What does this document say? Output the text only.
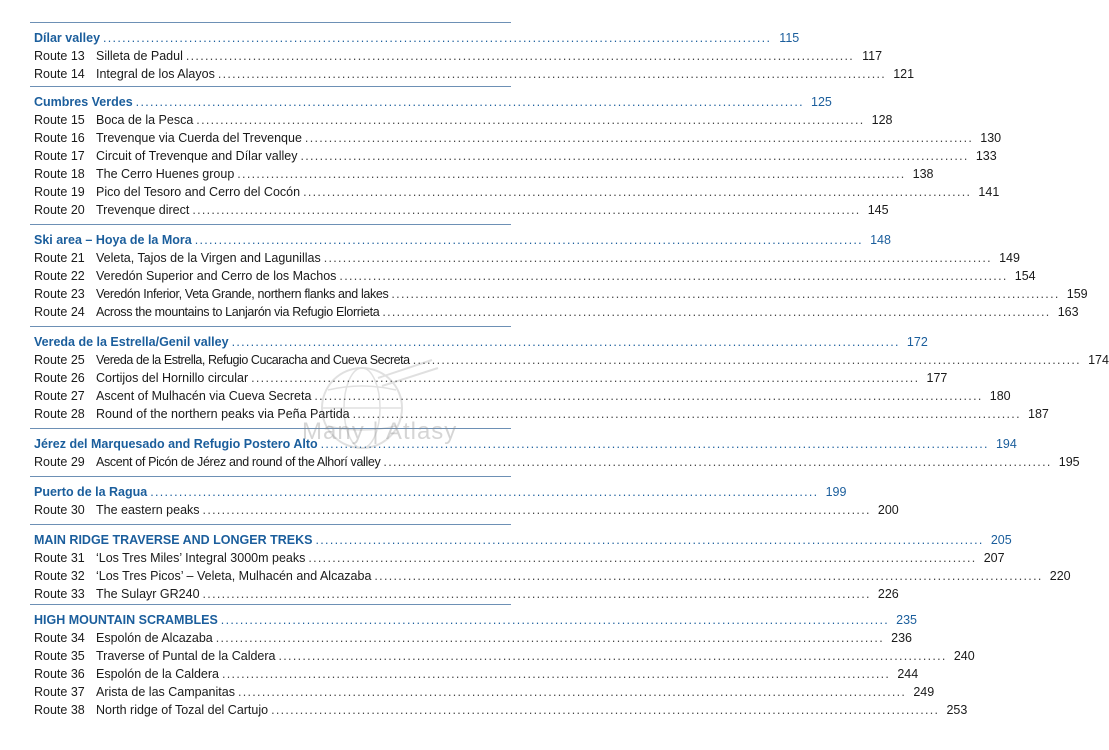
Dílar valley ............................................................................................................................................ 115
Route 13 Silleta de Padul ............................................................................................................................................ 117
Route 14 Integral de los Alayos ............................................................................................................................................ 121
Cumbres Verdes ............................................................................................................................................ 125
Route 15 Boca de la Pesca ............................................................................................................................................ 128
Route 16 Trevenque via Cuerda del Trevenque ............................................................................................................................................ 130
Route 17 Circuit of Trevenque and Dílar valley ............................................................................................................................................ 133
Route 18 The Cerro Huenes group ............................................................................................................................................ 138
Route 19 Pico del Tesoro and Cerro del Cocón ............................................................................................................................................ 141
Route 20 Trevenque direct ............................................................................................................................................ 145
Ski area – Hoya de la Mora ............................................................................................................................................ 148
Route 21 Veleta, Tajos de la Virgen and Lagunillas ............................................................................................................................................ 149
Route 22 Veredón Superior and Cerro de los Machos ............................................................................................................................................ 154
Route 23 Veredón Inferior, Veta Grande, northern flanks and lakes ............................................................................................................................................ 159
Route 24 Across the mountains to Lanjarón via Refugio Elorrieta ............................................................................................................................................ 163
Vereda de la Estrella/Genil valley ............................................................................................................................................ 172
Route 25 Vereda de la Estrella, Refugio Cucaracha and Cueva Secreta ............................................................................................................................................ 174
Route 26 Cortijos del Hornillo circular ............................................................................................................................................ 177
Route 27 Ascent of Mulhacén via Cueva Secreta ............................................................................................................................................ 180
Route 28 Round of the northern peaks via Peña Partida ............................................................................................................................................ 187
Jérez del Marquesado and Refugio Postero Alto ............................................................................................................................................ 194
Route 29 Ascent of Picón de Jérez and round of the Alhorí valley ............................................................................................................................................ 195
Puerto de la Ragua ............................................................................................................................................ 199
Route 30 The eastern peaks ............................................................................................................................................ 200
MAIN RIDGE TRAVERSE AND LONGER TREKS ............................................................................................................................................ 205
Route 31 ‘Los Tres Miles’ Integral 3000m peaks ............................................................................................................................................ 207
Route 32 ‘Los Tres Picos’ – Veleta, Mulhacén and Alcazaba ............................................................................................................................................ 220
Route 33 The Sulayr GR240 ............................................................................................................................................ 226
HIGH MOUNTAIN SCRAMBLES ............................................................................................................................................ 235
Route 34 Espolón de Alcazaba ............................................................................................................................................ 236
Route 35 Traverse of Puntal de la Caldera ............................................................................................................................................ 240
Route 36 Espolón de la Caldera ............................................................................................................................................ 244
Route 37 Arista de las Campanitas ............................................................................................................................................ 249
Route 38 North ridge of Tozal del Cartujo ............................................................................................................................................ 253
Many | Atlasy
